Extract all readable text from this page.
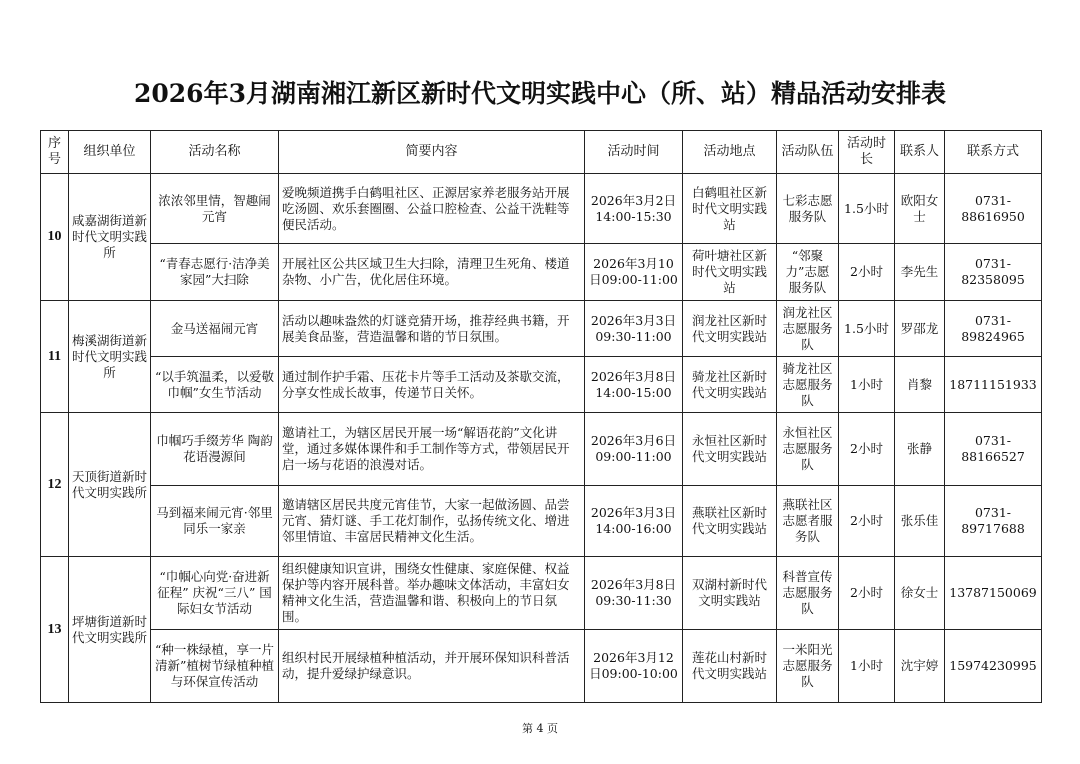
2026年3月湖南湘江新区新时代文明实践中心（所、站）精品活动安排表
序号	组织单位	活动名称	简要内容	活动时间	活动地点	活动队伍	活动时长	联系人	联系方式
10	咸嘉湖街道新时代文明实践所	浓浓邻里情，智趣闹元宵	爱晚频道携手白鹤咀社区、正源居家养老服务站开展吃汤圆、欢乐套圈圈、公益口腔检查、公益干洗鞋等便民活动。	2026年3月2日14:00-15:30	白鹤咀社区新时代文明实践站	七彩志愿服务队	1.5小时	欧阳女士	0731-88616950
		“青春志愿行·洁净美家园”大扫除	开展社区公共区域卫生大扫除，清理卫生死角、楼道杂物、小广告，优化居住环境。	2026年3月10日09:00-11:00	荷叶塘社区新时代文明实践站	“邻聚力”志愿服务队	2小时	李先生	0731-82358095
11	梅溪湖街道新时代文明实践所	金马送福闹元宵	活动以趣味盎然的灯谜竞猜开场，推荐经典书籍，开展美食品鉴，营造温馨和谐的节日氛围。	2026年3月3日09:30-11:00	润龙社区新时代文明实践站	润龙社区志愿服务队	1.5小时	罗邵龙	0731-89824965
		“以手筑温柔，以爱敬巾帼”女生节活动	通过制作护手霜、压花卡片等手工活动及茶歇交流，分享女性成长故事，传递节日关怀。	2026年3月8日14:00-15:00	骑龙社区新时代文明实践站	骑龙社区志愿服务队	1小时	肖黎	18711151933
12	天顶街道新时代文明实践所	巾帼巧手缀芳华 陶韵花语漫源间	邀请社工，为辖区居民开展一场“解语花韵”文化讲堂，通过多媒体课件和手工制作等方式，带领居民开启一场与花语的浪漫对话。	2026年3月6日09:00-11:00	永恒社区新时代文明实践站	永恒社区志愿服务队	2小时	张静	0731-88166527
		马到福来闹元宵·邻里同乐一家亲	邀请辖区居民共度元宵佳节，大家一起做汤圆、品尝元宵、猜灯谜、手工花灯制作，弘扬传统文化、增进邻里情谊、丰富居民精神文化生活。	2026年3月3日14:00-16:00	燕联社区新时代文明实践站	燕联社区志愿者服务队	2小时	张乐佳	0731-89717688
13	坪塘街道新时代文明实践所	“巾帼心向党·奋进新征程” 庆祝“三八” 国际妇女节活动	组织健康知识宣讲，围绕女性健康、家庭保健、权益保护等内容开展科普。举办趣味文体活动，丰富妇女精神文化生活，营造温馨和谐、积极向上的节日氛围。	2026年3月8日09:30-11:30	双湖村新时代文明实践站	科普宣传志愿服务队	2小时	徐女士	13787150069
		“种一株绿植，享一片清新”植树节绿植种植与环保宣传活动	组织村民开展绿植种植活动，并开展环保知识科普活动，提升爱绿护绿意识。	2026年3月12日09:00-10:00	莲花山村新时代文明实践站	一米阳光志愿服务队	1小时	沈宇婷	15974230995
第 4 页
